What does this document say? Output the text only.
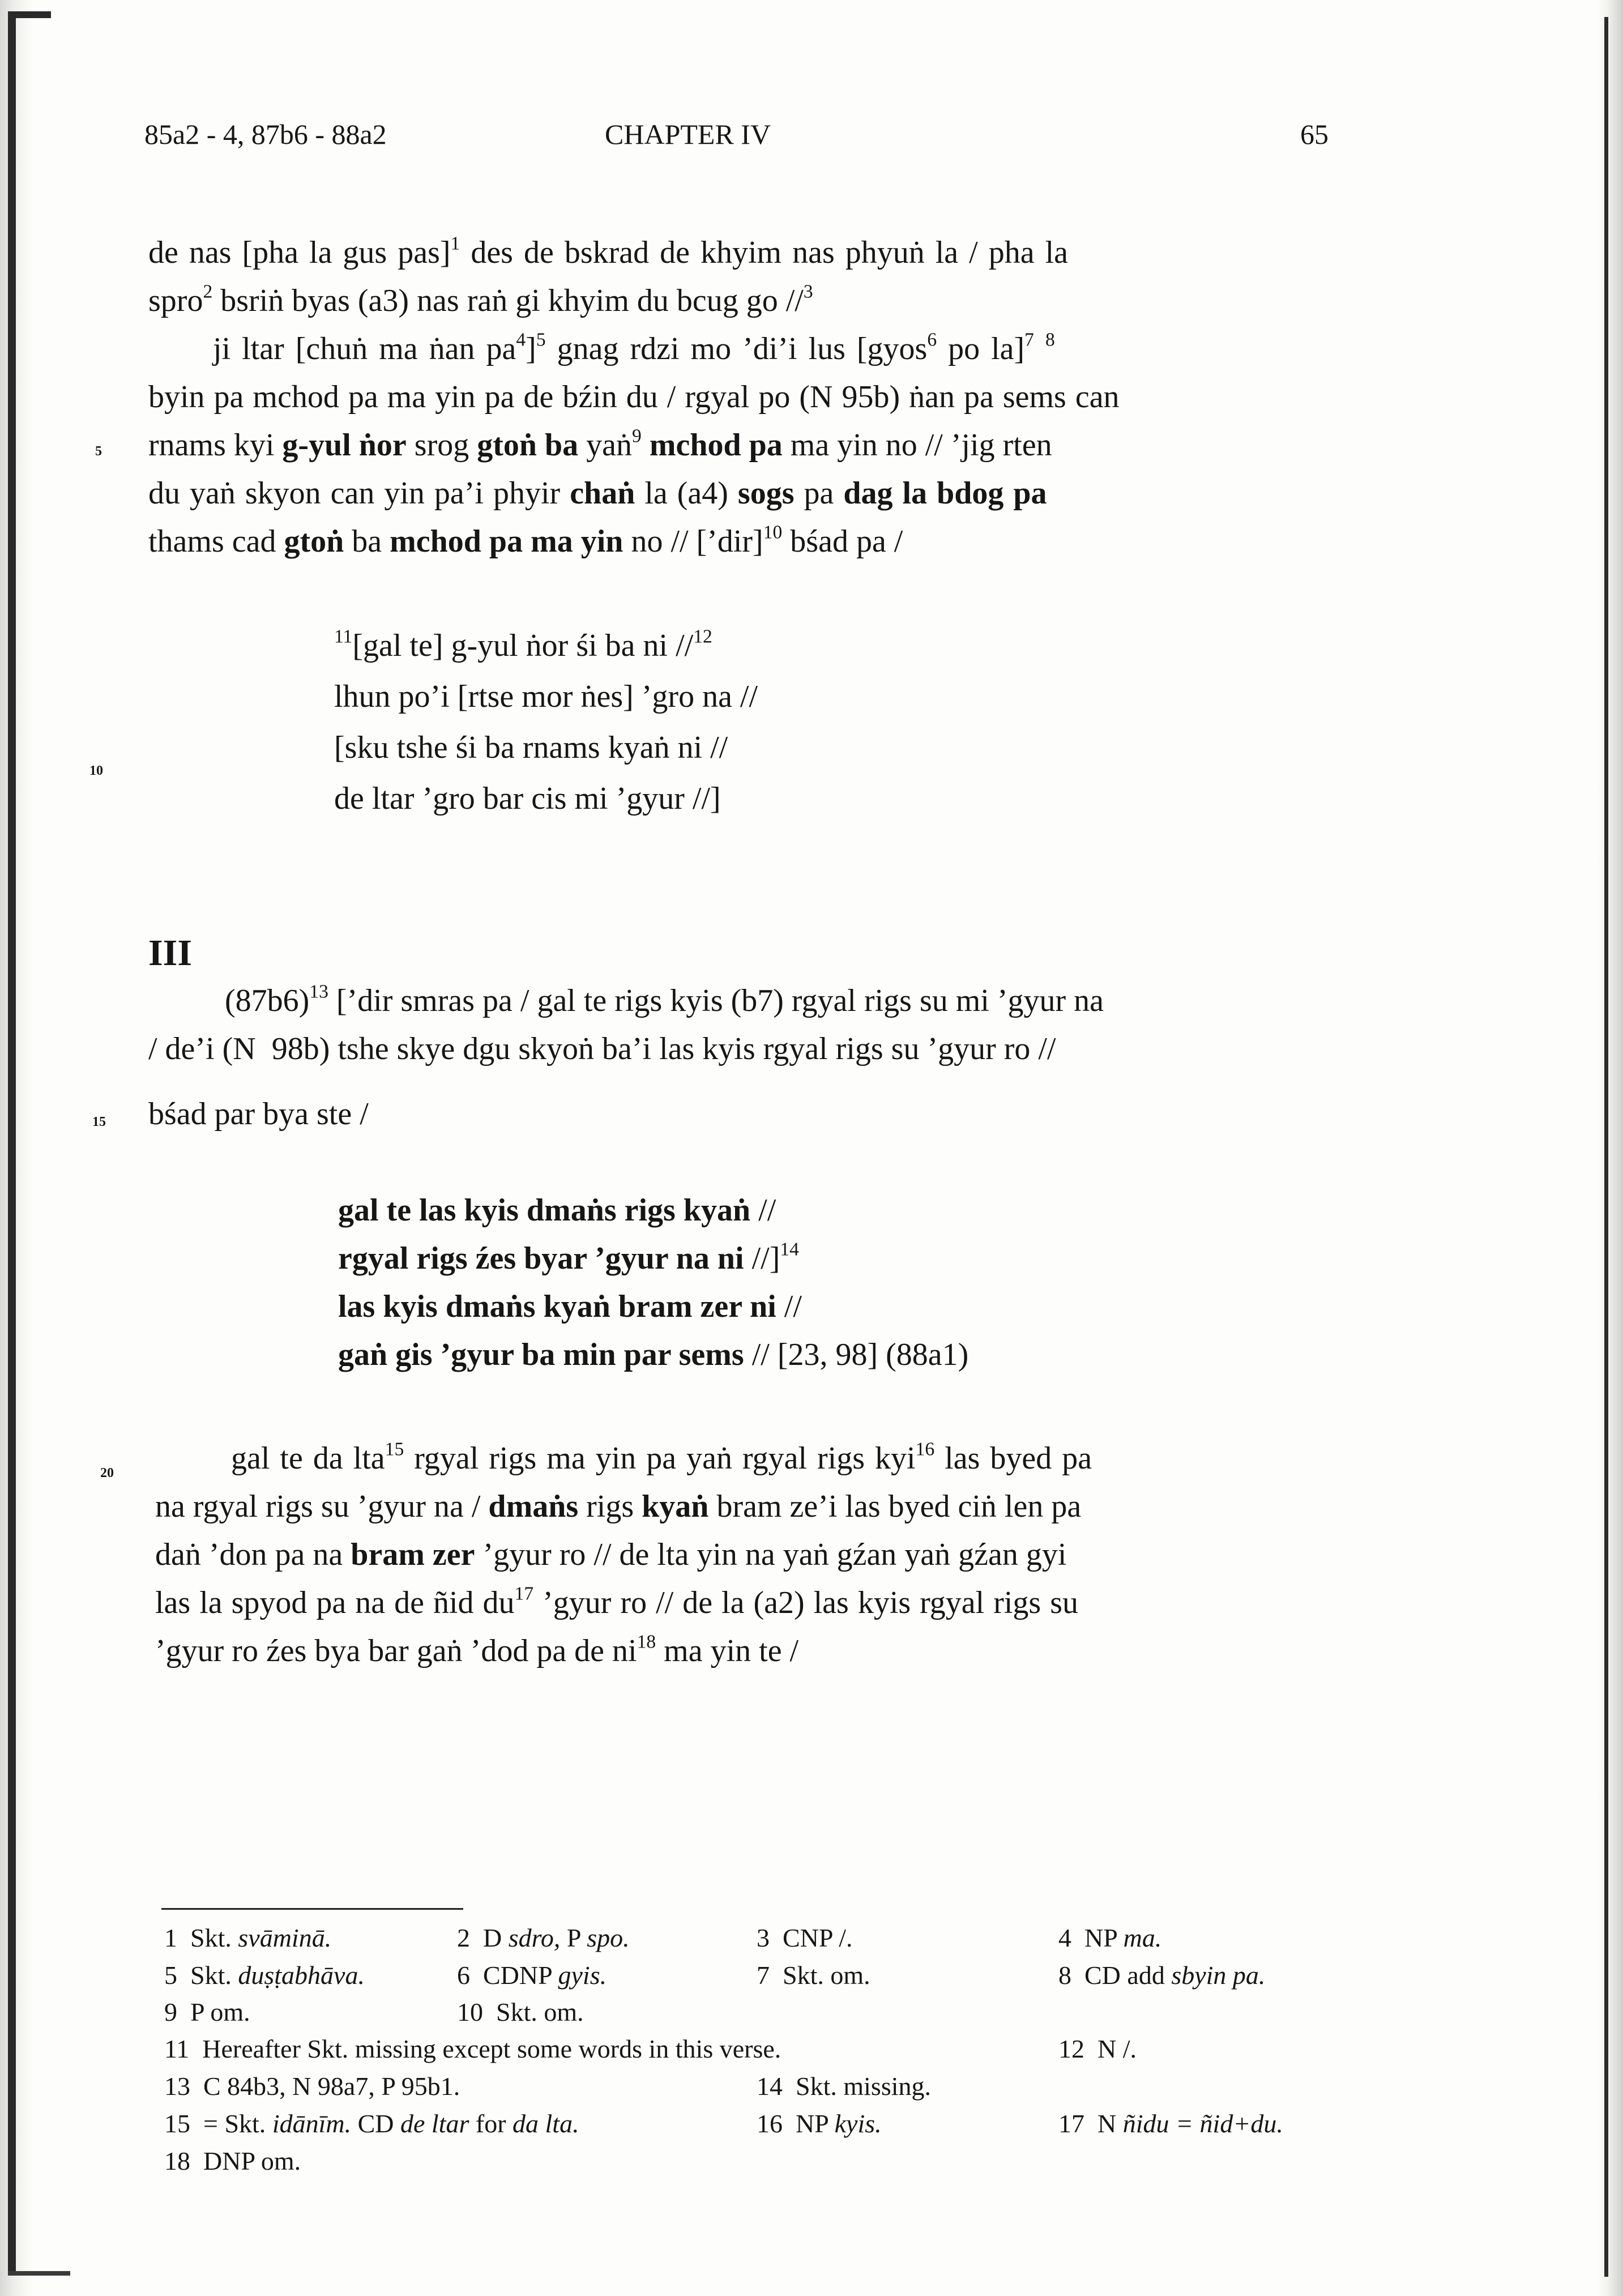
85a2 - 4, 87b6 - 88a2	CHAPTER IV	65
de nas [pha la gus pas]$^1$ des de bskrad de khyim nas phyuṅ la / pha la
spro$^2$ bsriṅ byas (a3) nas raṅ gi khyim du bcug go //$^3$
ji ltar [chuṅ ma ṅan $pa^4]^5$ gnag rdzi mo ’di’i lus [gyos$^6$ po la]$^7$ $^8$
byin pa mchod pa ma yin pa de bźin du / rgyal po (N 95b) ṅan pa sems can
5 rnams kyi g-yul ṅor srog gtoṅ ba yaṅ$^9$ mchod pa ma yin no // ’jig rten
du yaṅ skyon can yin pa’i phyir chaṅ la (a4) sogs pa dag la bdog pa
thams cad gtoṅ ba mchod pa ma yin no // [’dir]$^{10}$ bśad pa /
$^{11}$[gal te] g-yul ṅor śi ba ni //$^{12}$
lhun po’i [rtse mor ṅes] ’gro na //
10
[sku tshe śi ba rnams kyaṅ ni //
de ltar ’gro bar cis mi ’gyur //]
III
$(87b6)^{13}$ [’dir smras pa / gal te rigs kyis (b7) rgyal rigs su mi ’gyur na
/ de’i (N  98b) tshe skye dgu skyoṅ ba’i las kyis rgyal rigs su ’gyur ro //
15 bśad par bya ste /
gal te las kyis dmaṅs rigs kyaṅ //
rgyal rigs źes byar ’gyur na ni //]$^{14}$
las kyis dmaṅs kyaṅ bram zer ni //
gaṅ gis ’gyur ba min par sems // [23, 98] (88a1)
20	gal te da lta$^{15}$ rgyal rigs ma yin pa yaṅ rgyal rigs kyi$^{16}$ las byed pa
na rgyal rigs su ’gyur na / dmaṅs rigs kyaṅ bram ze’i las byed ciṅ len pa
daṅ ’don pa na bram zer ’gyur ro // de lta yin na yaṅ gźan yaṅ gźan gyi
las la spyod pa na de ñid $du^{17}$ ’gyur ro // de la (a2) las kyis rgyal rigs su
’gyur ro źes bya bar gaṅ ’dod pa de $ni^{18}$ ma yin te /
1 Skt. svāminā.	2 D sdro, P spo.	3 CNP /.	4 NP ma.
5 Skt. duṣṭabhāva.	6 CDNP gyis.	7 Skt. om.	8 CD add sbyin pa.
9 P om.	10 Skt. om.
11 Hereafter Skt. missing except some words in this verse.	12 N /.
13 C 84b3, N 98a7, P 95b1.	14 Skt. missing.
15 = Skt. idānīm. CD de ltar for da lta.	16 NP kyis.	17 N ñidu = ñid+du.
18 DNP om.
